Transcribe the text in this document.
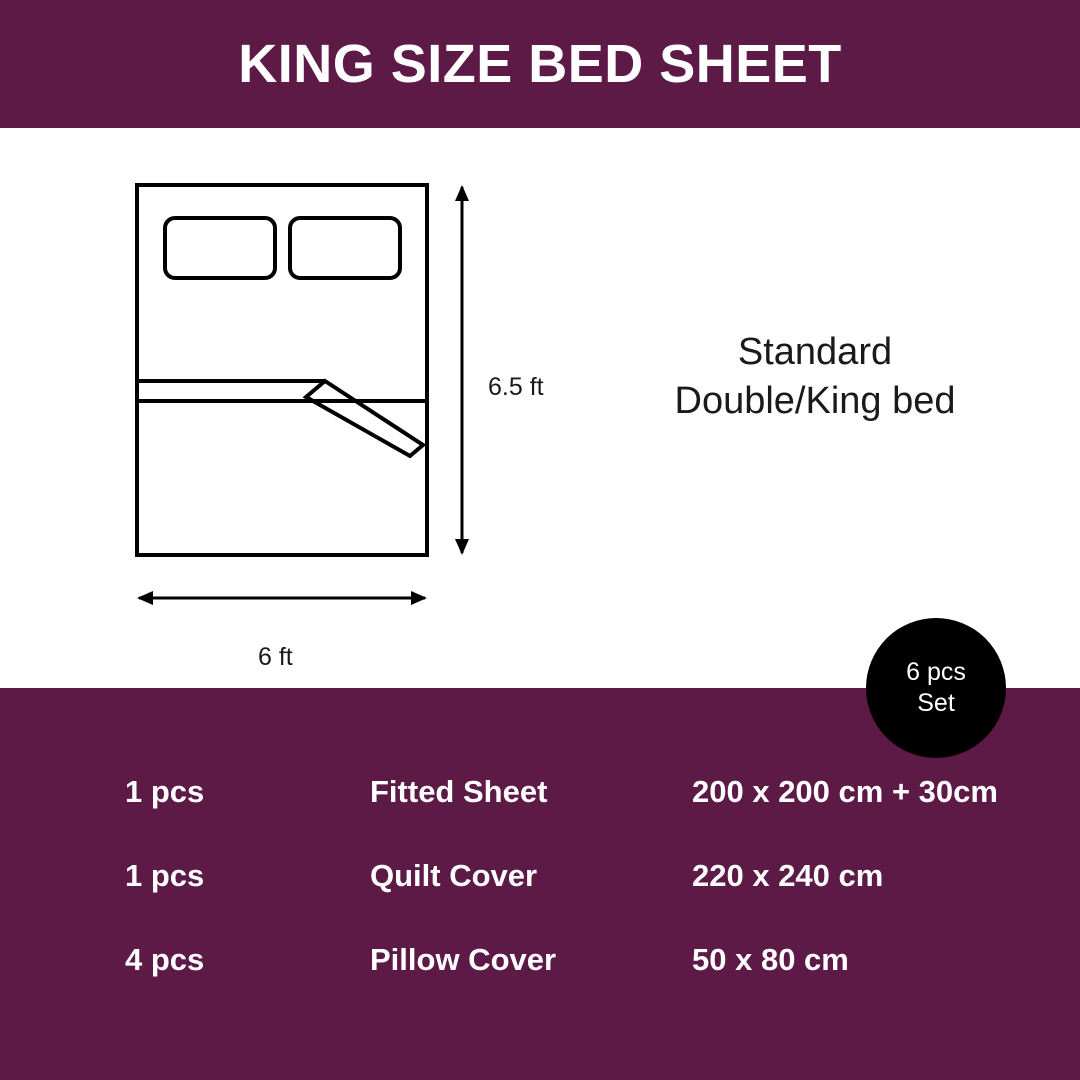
KING SIZE BED SHEET
6.5 ft
6 ft
Standard
Double/King bed
1 pcs	Fitted Sheet	200 x 200 cm + 30cm
1 pcs	Quilt Cover	220 x 240 cm
4 pcs	Pillow Cover	50 x 80 cm
6 pcs
Set
